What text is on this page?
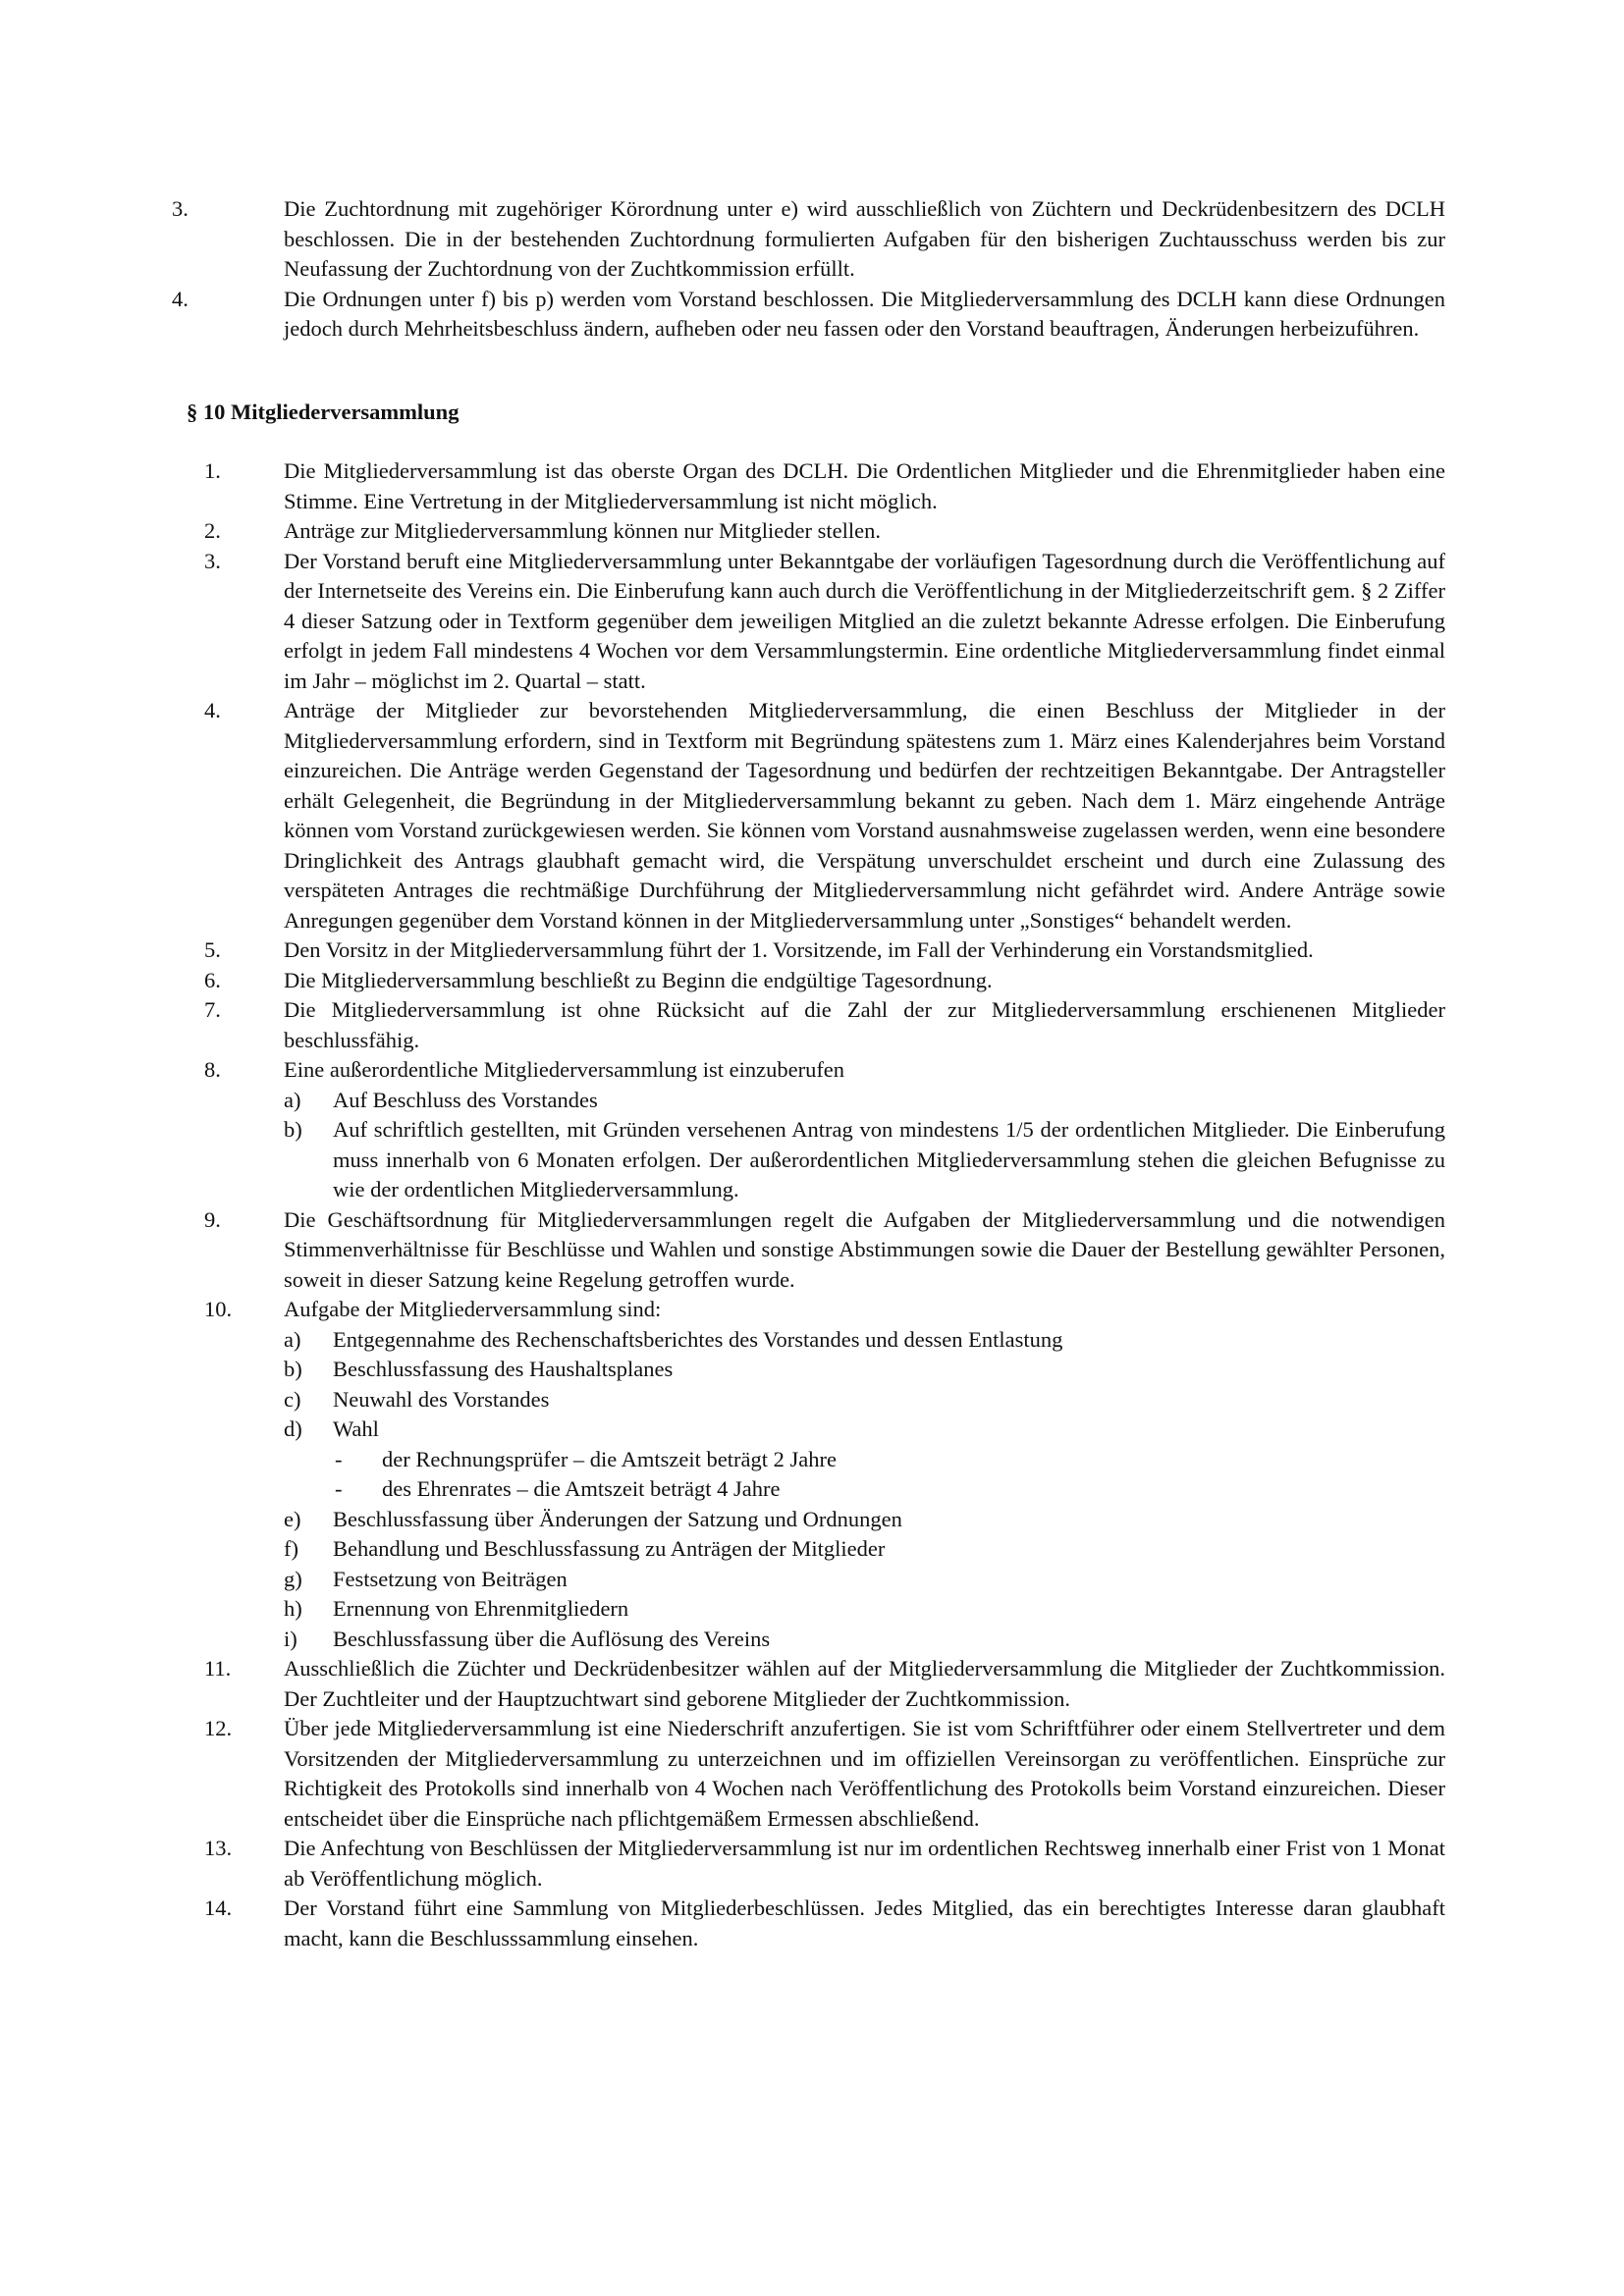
3.	Die Zuchtordnung mit zugehöriger Körordnung unter e) wird ausschließlich von Züchtern und Deckrüdenbesitzern des DCLH beschlossen. Die in der bestehenden Zuchtordnung formulierten Aufgaben für den bisherigen Zuchtausschuss werden bis zur Neufassung der Zuchtordnung von der Zuchtkommission erfüllt.
4.	Die Ordnungen unter f) bis p) werden vom Vorstand beschlossen. Die Mitgliederversammlung des DCLH kann diese Ordnungen jedoch durch Mehrheitsbeschluss ändern, aufheben oder neu fassen oder den Vorstand beauftragen, Änderungen herbeizuführen.
§ 10 Mitgliederversammlung
1.	Die Mitgliederversammlung ist das oberste Organ des DCLH. Die Ordentlichen Mitglieder und die Ehrenmitglieder haben eine Stimme. Eine Vertretung in der Mitgliederversammlung ist nicht möglich.
2.	Anträge zur Mitgliederversammlung können nur Mitglieder stellen.
3.	Der Vorstand beruft eine Mitgliederversammlung unter Bekanntgabe der vorläufigen Tagesordnung durch die Veröffentlichung auf der Internetseite des Vereins ein. Die Einberufung kann auch durch die Veröffentlichung in der Mitgliederzeitschrift gem. § 2 Ziffer 4 dieser Satzung oder in Textform gegenüber dem jeweiligen Mitglied an die zuletzt bekannte Adresse erfolgen. Die Einberufung erfolgt in jedem Fall mindestens 4 Wochen vor dem Versammlungstermin. Eine ordentliche Mitgliederversammlung findet einmal im Jahr – möglichst im 2. Quartal – statt.
4.	Anträge der Mitglieder zur bevorstehenden Mitgliederversammlung, die einen Beschluss der Mitglieder in der Mitgliederversammlung erfordern, sind in Textform mit Begründung spätestens zum 1. März eines Kalenderjahres beim Vorstand einzureichen. Die Anträge werden Gegenstand der Tagesordnung und bedürfen der rechtzeitigen Bekanntgabe. Der Antragsteller erhält Gelegenheit, die Begründung in der Mitgliederversammlung bekannt zu geben. Nach dem 1. März eingehende Anträge können vom Vorstand zurückgewiesen werden. Sie können vom Vorstand ausnahmsweise zugelassen werden, wenn eine besondere Dringlichkeit des Antrags glaubhaft gemacht wird, die Verspätung unverschuldet erscheint und durch eine Zulassung des verspäteten Antrages die rechtmäßige Durchführung der Mitgliederversammlung nicht gefährdet wird. Andere Anträge sowie Anregungen gegenüber dem Vorstand können in der Mitgliederversammlung unter „Sonstiges“ behandelt werden.
5.	Den Vorsitz in der Mitgliederversammlung führt der 1. Vorsitzende, im Fall der Verhinderung ein Vorstandsmitglied.
6.	Die Mitgliederversammlung beschließt zu Beginn die endgültige Tagesordnung.
7.	Die Mitgliederversammlung ist ohne Rücksicht auf die Zahl der zur Mitgliederversammlung erschienenen Mitglieder beschlussfähig.
8.	Eine außerordentliche Mitgliederversammlung ist einzuberufen
a) Auf Beschluss des Vorstandes
b) Auf schriftlich gestellten, mit Gründen versehenen Antrag von mindestens 1/5 der ordentlichen Mitglieder. Die Einberufung muss innerhalb von 6 Monaten erfolgen. Der außerordentlichen Mitgliederversammlung stehen die gleichen Befugnisse zu wie der ordentlichen Mitgliederversammlung.
9.	Die Geschäftsordnung für Mitgliederversammlungen regelt die Aufgaben der Mitgliederversammlung und die notwendigen Stimmenverhältnisse für Beschlüsse und Wahlen und sonstige Abstimmungen sowie die Dauer der Bestellung gewählter Personen, soweit in dieser Satzung keine Regelung getroffen wurde.
10.	Aufgabe der Mitgliederversammlung sind:
a) Entgegennahme des Rechenschaftsberichtes des Vorstandes und dessen Entlastung
b) Beschlussfassung des Haushaltsplanes
c) Neuwahl des Vorstandes
d) Wahl
- der Rechnungsprüfer – die Amtszeit beträgt 2 Jahre
- des Ehrenrates – die Amtszeit beträgt 4 Jahre
e) Beschlussfassung über Änderungen der Satzung und Ordnungen
f) Behandlung und Beschlussfassung zu Anträgen der Mitglieder
g) Festsetzung von Beiträgen
h) Ernennung von Ehrenmitgliedern
i) Beschlussfassung über die Auflösung des Vereins
11.	Ausschließlich die Züchter und Deckrüdenbesitzer wählen auf der Mitgliederversammlung die Mitglieder der Zuchtkommission. Der Zuchtleiter und der Hauptzuchtwart sind geborene Mitglieder der Zuchtkommission.
12.	Über jede Mitgliederversammlung ist eine Niederschrift anzufertigen. Sie ist vom Schriftführer oder einem Stellvertreter und dem Vorsitzenden der Mitgliederversammlung zu unterzeichnen und im offiziellen Vereinsorgan zu veröffentlichen. Einsprüche zur Richtigkeit des Protokolls sind innerhalb von 4 Wochen nach Veröffentlichung des Protokolls beim Vorstand einzureichen. Dieser entscheidet über die Einsprüche nach pflichtgemäßem Ermessen abschließend.
13.	Die Anfechtung von Beschlüssen der Mitgliederversammlung ist nur im ordentlichen Rechtsweg innerhalb einer Frist von 1 Monat ab Veröffentlichung möglich.
14.	Der Vorstand führt eine Sammlung von Mitgliederbeschlüssen. Jedes Mitglied, das ein berechtigtes Interesse daran glaubhaft macht, kann die Beschlusssammlung einsehen.
